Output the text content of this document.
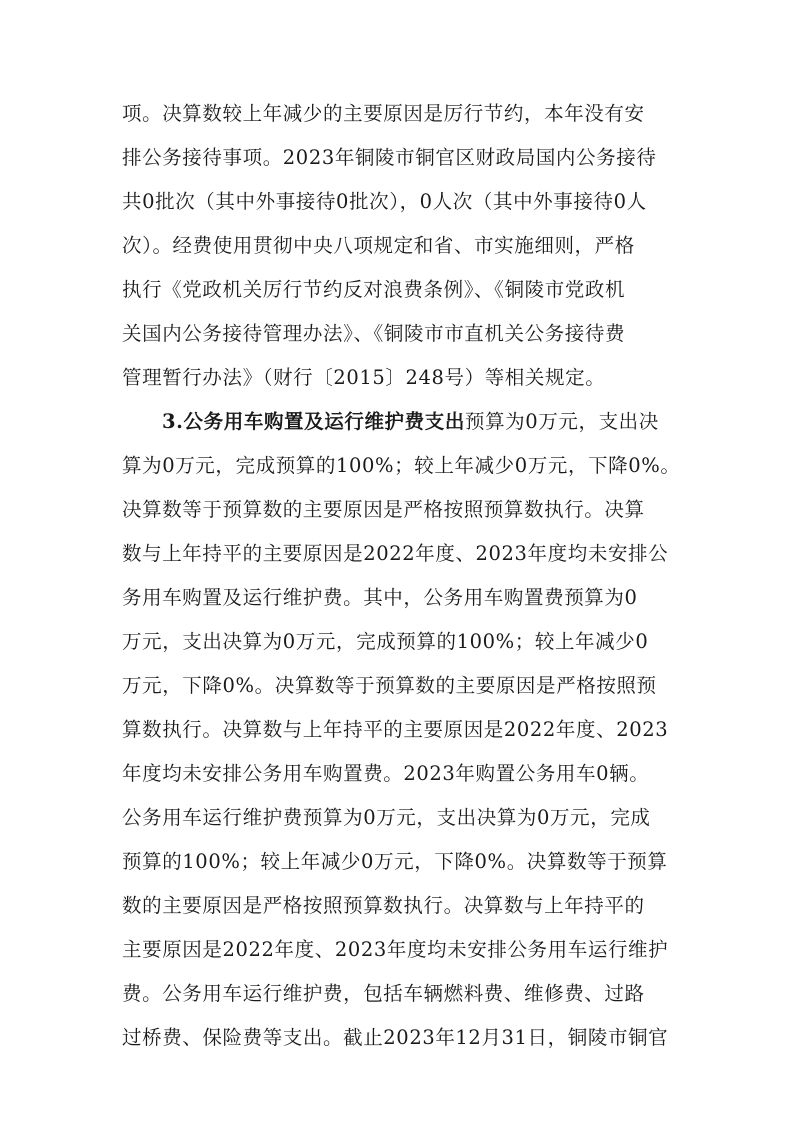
项。决算数较上年减少的主要原因是厉行节约，本年没有安
排公务接待事项。2023年铜陵市铜官区财政局国内公务接待
共0批次（其中外事接待0批次），0人次（其中外事接待0人
次）。经费使用贯彻中央八项规定和省、市实施细则，严格
执行《党政机关厉行节约反对浪费条例》、《铜陵市党政机
关国内公务接待管理办法》、《铜陵市市直机关公务接待费
管理暂行办法》（财行〔2015〕248号）等相关规定。
3.公务用车购置及运行维护费支出预算为0万元，支出决
算为0万元，完成预算的100%；较上年减少0万元，下降0%。
决算数等于预算数的主要原因是严格按照预算数执行。决算
数与上年持平的主要原因是2022年度、2023年度均未安排公
务用车购置及运行维护费。其中，公务用车购置费预算为0
万元，支出决算为0万元，完成预算的100%；较上年减少0
万元，下降0%。决算数等于预算数的主要原因是严格按照预
算数执行。决算数与上年持平的主要原因是2022年度、2023
年度均未安排公务用车购置费。2023年购置公务用车0辆。
公务用车运行维护费预算为0万元，支出决算为0万元，完成
预算的100%；较上年减少0万元，下降0%。决算数等于预算
数的主要原因是严格按照预算数执行。决算数与上年持平的
主要原因是2022年度、2023年度均未安排公务用车运行维护
费。公务用车运行维护费，包括车辆燃料费、维修费、过路
过桥费、保险费等支出。截止2023年12月31日，铜陵市铜官
